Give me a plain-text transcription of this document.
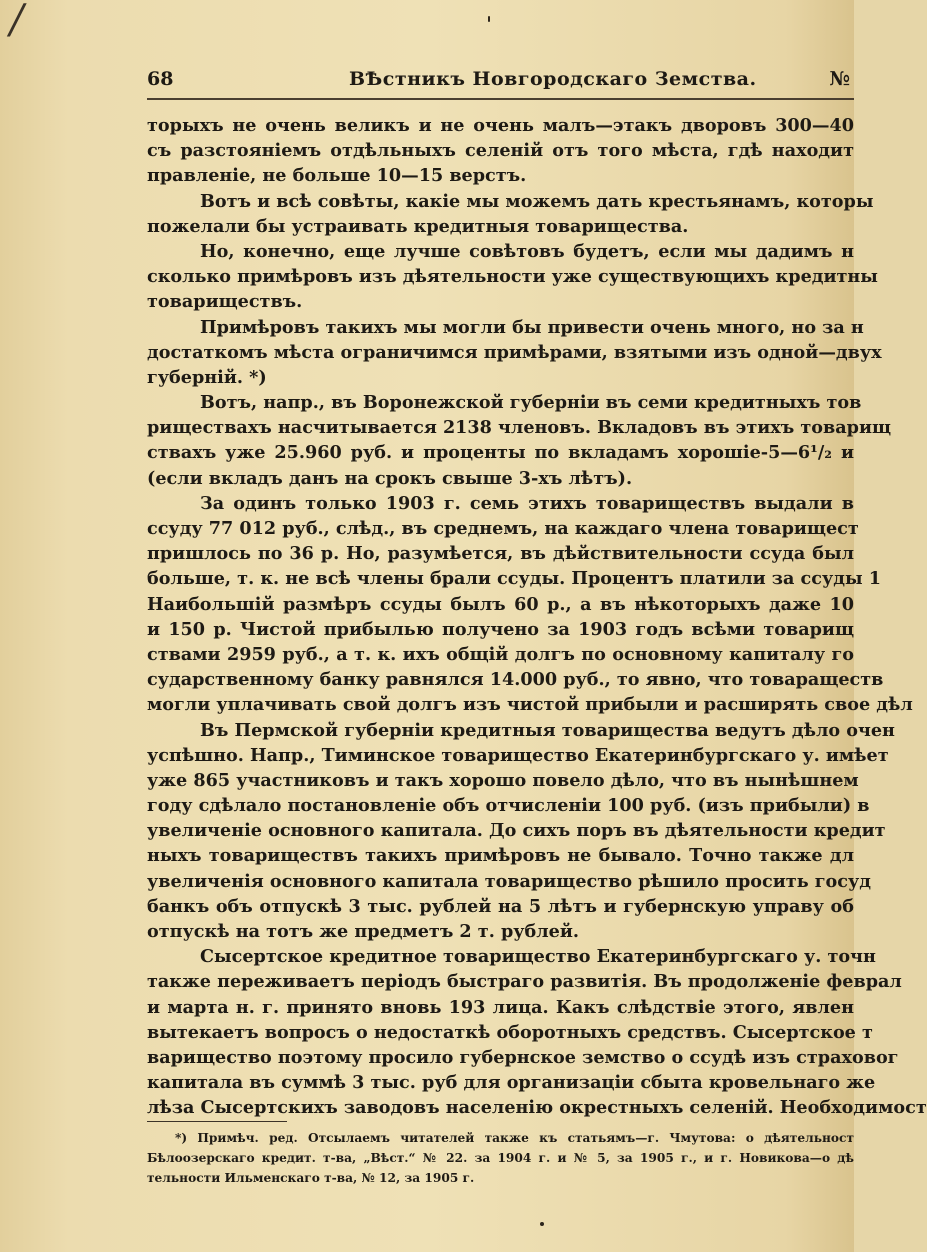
/
68	ВѢстникъ Новгородскаго Земства.	№
торыхъ не очень великъ и не очень малъ—этакъ дворовъ 300—40
съ разстояніемъ отдѣльныхъ селеній отъ того мѣста, гдѣ находит
правленіе, не больше 10—15 верстъ.
Вотъ и всѣ совѣты, какіе мы можемъ дать крестьянамъ, которы
пожелали бы устраивать кредитныя товарищества.
Но, конечно, еще лучше совѣтовъ будетъ, если мы дадимъ н
сколько примѣровъ изъ дѣятельности уже существующихъ кредитны
товариществъ.
Примѣровъ такихъ мы могли бы привести очень много, но за н
достаткомъ мѣста ограничимся примѣрами, взятыми изъ одной—двух
губерній. *)
Вотъ, напр., въ Воронежской губерніи въ семи кредитныхъ тов
риществахъ насчитывается 2138 членовъ. Вкладовъ въ этихъ товарищ
ствахъ уже 25.960 руб. и проценты по вкладамъ хорошіе-5—6¹/₂ и
(если вкладъ данъ на срокъ свыше 3-хъ лѣтъ).
За одинъ только 1903 г. семь этихъ товариществъ выдали в
ссуду 77 012 руб., слѣд., въ среднемъ, на каждаго члена товарищест
пришлось по 36 р. Но, разумѣется, въ дѣйствительности ссуда был
больше, т. к. не всѣ члены брали ссуды. Процентъ платили за ссуды 1
Наибольшій размѣръ ссуды былъ 60 р., а въ нѣкоторыхъ даже 10
и 150 р. Чистой прибылью получено за 1903 годъ всѣми товарищ
ствами 2959 руб., а т. к. ихъ общій долгъ по основному капиталу го
сударственному банку равнялся 14.000 руб., то явно, что товараществ
могли уплачивать свой долгъ изъ чистой прибыли и расширять свое дѣл
Въ Пермской губерніи кредитныя товарищества ведутъ дѣло очен
успѣшно. Напр., Тиминское товарищество Екатеринбургскаго у. имѣет
уже 865 участниковъ и такъ хорошо повело дѣло, что въ нынѣшнем
году сдѣлало постановленіе объ отчисленіи 100 руб. (изъ прибыли) в
увеличеніе основного капитала. До сихъ поръ въ дѣятельности кредит
ныхъ товариществъ такихъ примѣровъ не бывало. Точно также дл
увеличенія основного капитала товарищество рѣшило просить госуд
банкъ объ отпускѣ 3 тыс. рублей на 5 лѣтъ и губернскую управу об
отпускѣ на тотъ же предметъ 2 т. рублей.
Сысертское кредитное товарищество Екатеринбургскаго у. точн
также переживаетъ періодъ быстраго развитія. Въ продолженіе феврал
и марта н. г. принято вновь 193 лица. Какъ слѣдствіе этого, явлен
вытекаетъ вопросъ о недостаткѣ оборотныхъ средствъ. Сысертское т
варищество поэтому просило губернское земство о ссудѣ изъ страховог
капитала въ суммѣ 3 тыс. руб для организаціи сбыта кровельнаго же
лѣза Сысертскихъ заводовъ населенію окрестныхъ селеній. Необходимост
*) Примѣч. ред. Отсылаемъ читателей также къ статьямъ—г. Чмутова: о дѣятельност
Бѣлоозерскаго кредит. т-ва, „Вѣст.“ № 22. за 1904 г. и № 5, за 1905 г., и г. Новикова—о дѣ
тельности Ильменскаго т-ва, № 12, за 1905 г.
